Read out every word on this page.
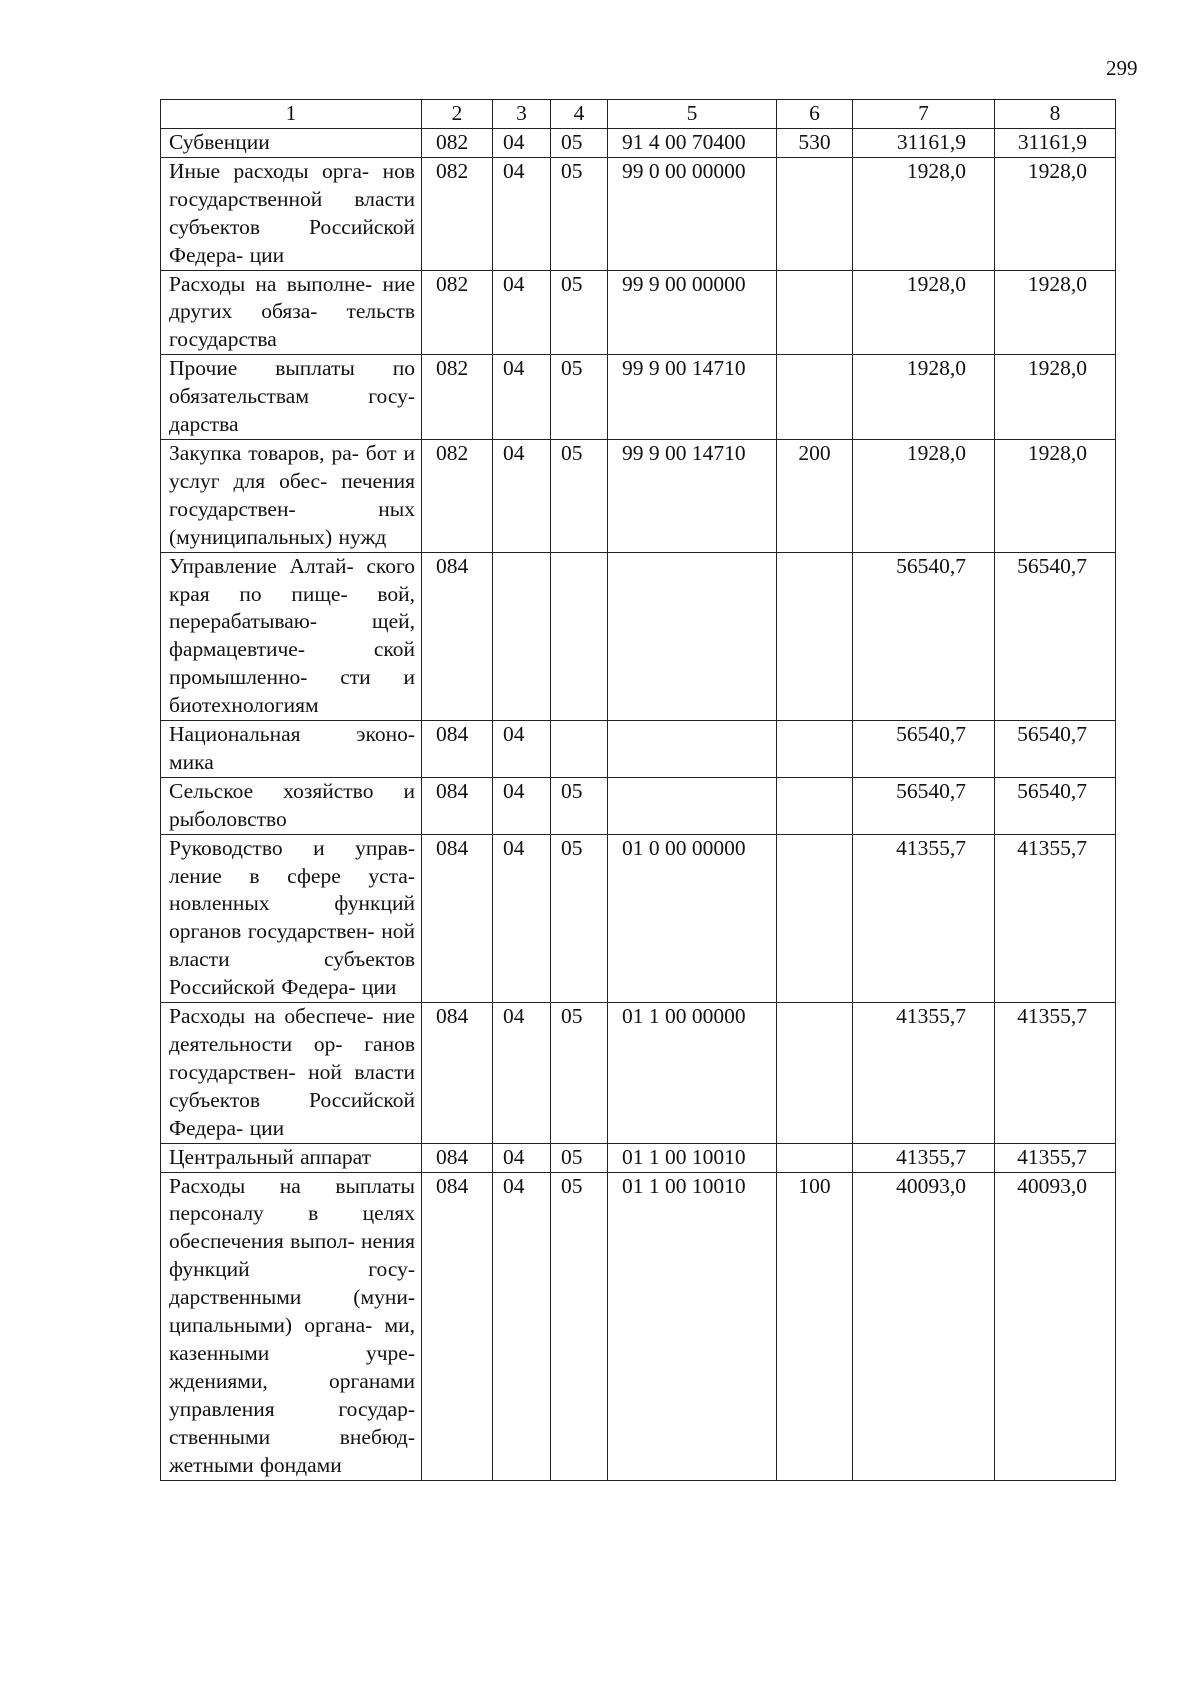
299
1	2	3	4	5	6	7	8
Субвенции	082	04	05	91 4 00 70400	530	31161,9	31161,9
Иные расходы орга- нов государственной власти субъектов Российской Федера- ции	082	04	05	99 0 00 00000		1928,0	1928,0
Расходы на выполне- ние других обяза- тельств государства	082	04	05	99 9 00 00000		1928,0	1928,0
Прочие выплаты по обязательствам госу- дарства	082	04	05	99 9 00 14710		1928,0	1928,0
Закупка товаров, ра- бот и услуг для обес- печения государствен- ных (муниципальных) нужд	082	04	05	99 9 00 14710	200	1928,0	1928,0
Управление Алтай- ского края по пище- вой, перерабатываю- щей, фармацевтиче- ской промышленно- сти и биотехнологиям	084					56540,7	56540,7
Национальная эконо- мика	084	04				56540,7	56540,7
Сельское хозяйство и рыболовство	084	04	05			56540,7	56540,7
Руководство и управ- ление в сфере уста- новленных функций органов государствен- ной власти субъектов Российской Федера- ции	084	04	05	01 0 00 00000		41355,7	41355,7
Расходы на обеспече- ние деятельности ор- ганов государствен- ной власти субъектов Российской Федера- ции	084	04	05	01 1 00 00000		41355,7	41355,7
Центральный аппарат	084	04	05	01 1 00 10010		41355,7	41355,7
Расходы на выплаты персоналу в целях обеспечения выпол- нения функций госу- дарственными (муни- ципальными) органа- ми, казенными учре- ждениями, органами управления государ- ственными внебюд- жетными фондами	084	04	05	01 1 00 10010	100	40093,0	40093,0
